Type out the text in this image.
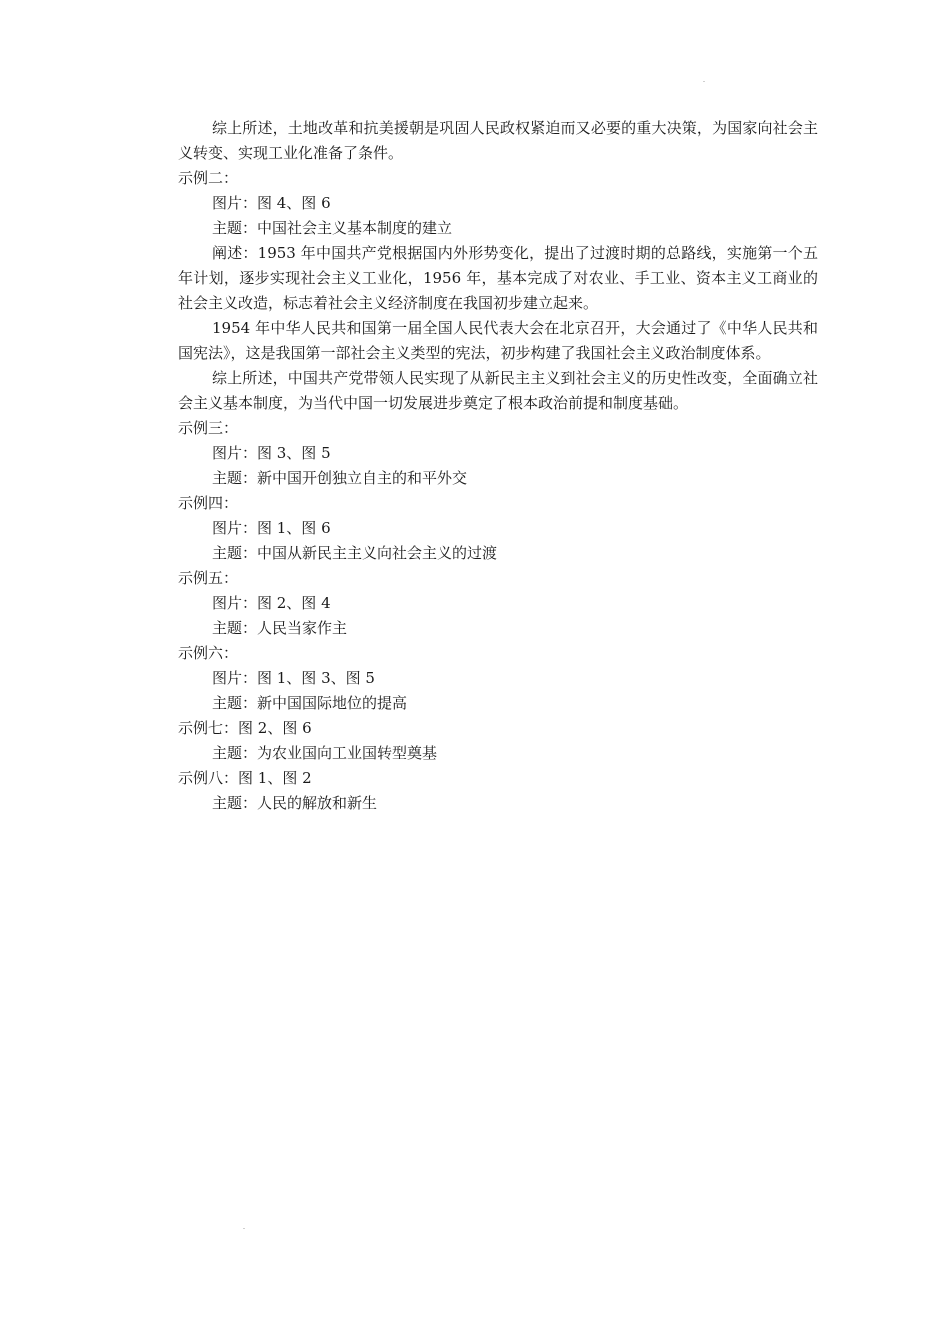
综上所述，土地改革和抗美援朝是巩固人民政权紧迫而又必要的重大决策，为国家向社会主义转变、实现工业化准备了条件。

示例二：

图片：图 4、图 6

主题：中国社会主义基本制度的建立

阐述：1953 年中国共产党根据国内外形势变化，提出了过渡时期的总路线，实施第一个五年计划，逐步实现社会主义工业化，1956 年，基本完成了对农业、手工业、资本主义工商业的社会主义改造，标志着社会主义经济制度在我国初步建立起来。

1954 年中华人民共和国第一届全国人民代表大会在北京召开，大会通过了《中华人民共和国宪法》，这是我国第一部社会主义类型的宪法，初步构建了我国社会主义政治制度体系。

综上所述，中国共产党带领人民实现了从新民主主义到社会主义的历史性改变，全面确立社会主义基本制度，为当代中国一切发展进步奠定了根本政治前提和制度基础。

示例三：

图片：图 3、图 5

主题：新中国开创独立自主的和平外交

示例四：

图片：图 1、图 6

主题：中国从新民主主义向社会主义的过渡

示例五：

图片：图 2、图 4

主题：人民当家作主

示例六：

图片：图 1、图 3、图 5

主题：新中国国际地位的提高

示例七：图 2、图 6

主题：为农业国向工业国转型奠基

示例八：图 1、图 2

主题：人民的解放和新生
